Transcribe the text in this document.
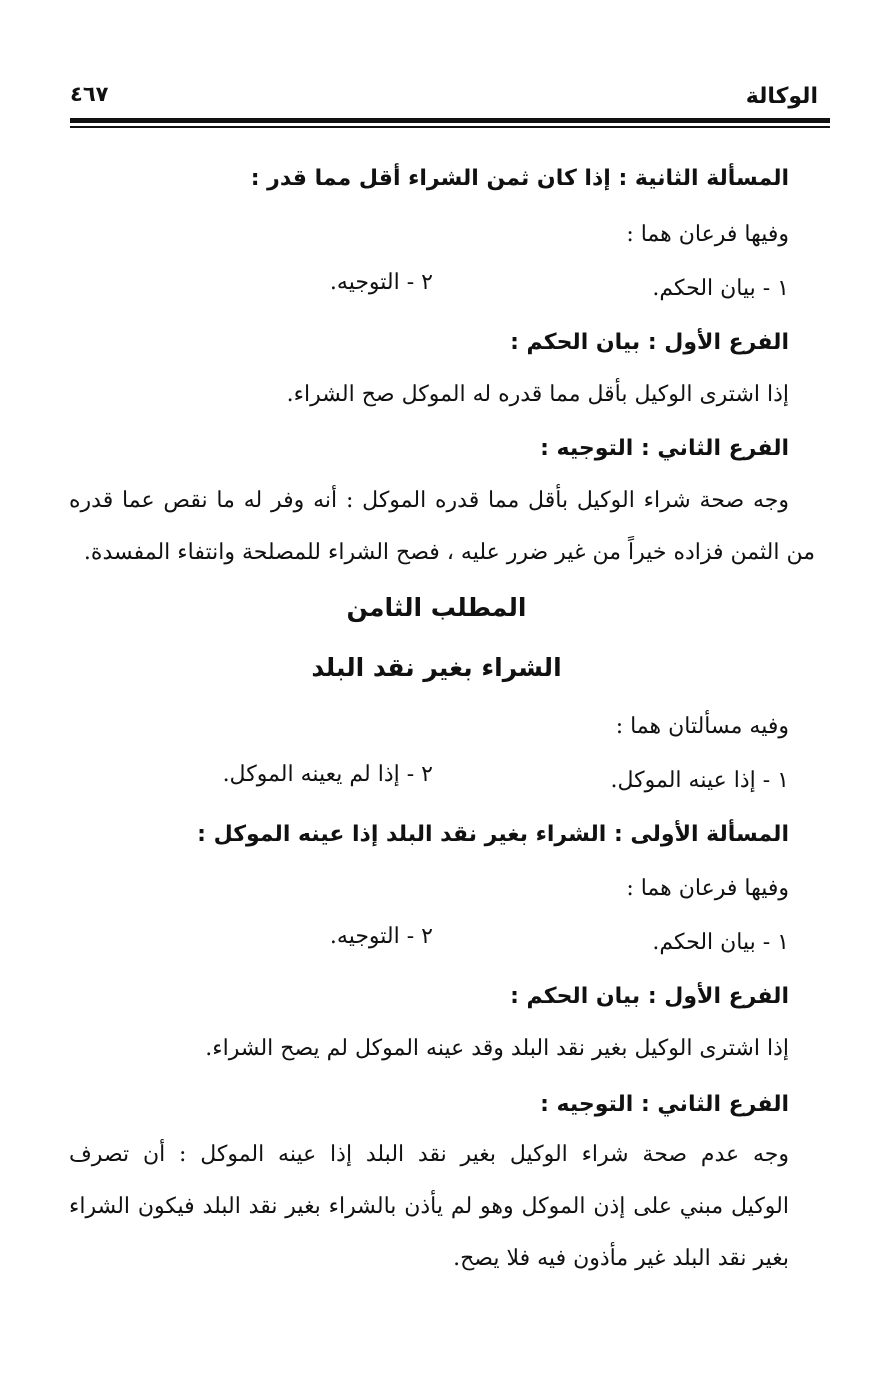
الوكالة
٤٦٧
المسألة الثانية : إذا كان ثمن الشراء أقل مما قدر :
وفيها فرعان هما :
١ - بيان الحكم.
٢ - التوجيه.
الفرع الأول : بيان الحكم :
إذا اشترى الوكيل بأقل مما قدره له الموكل صح الشراء.
الفرع الثاني : التوجيه :
وجه صحة شراء الوكيل بأقل مما قدره الموكل : أنه وفر له ما نقص عما قدره
من الثمن فزاده خيراً من غير ضرر عليه ، فصح الشراء للمصلحة وانتفاء المفسدة.
المطلب الثامن
الشراء بغير نقد البلد
وفيه مسألتان هما :
١ - إذا عينه الموكل.
٢ - إذا لم يعينه الموكل.
المسألة الأولى : الشراء بغير نقد البلد إذا عينه الموكل :
وفيها فرعان هما :
١ - بيان الحكم.
٢ - التوجيه.
الفرع الأول : بيان الحكم :
إذا اشترى الوكيل بغير نقد البلد وقد عينه الموكل لم يصح الشراء.
الفرع الثاني : التوجيه :
وجه عدم صحة شراء الوكيل بغير نقد البلد إذا عينه الموكل : أن تصرف
الوكيل مبني على إذن الموكل وهو لم يأذن بالشراء بغير نقد البلد فيكون الشراء
بغير نقد البلد غير مأذون فيه فلا يصح.
